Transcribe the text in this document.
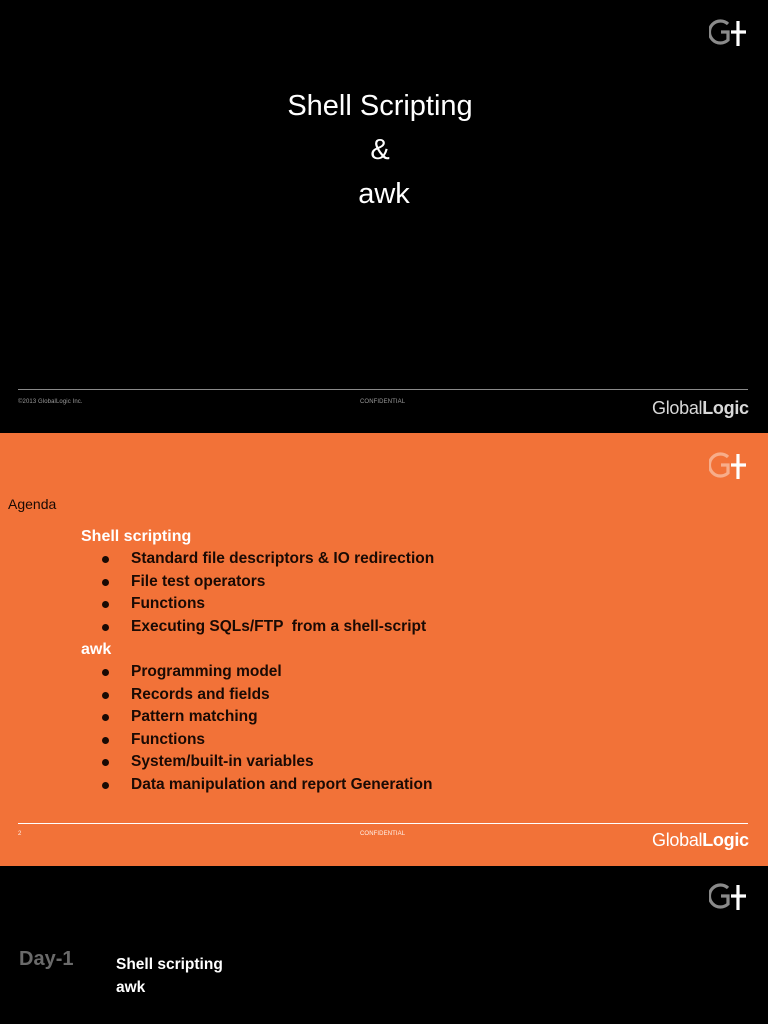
Shell Scripting
&
awk
©2013 GlobalLogic Inc.	CONFIDENTIAL	GlobalLogic
Agenda

Shell scripting

Standard file descriptors & IO redirection
File test operators
Functions
Executing SQLs/FTP  from a shell-script

awk

Programming model
Records and fields
Pattern matching
Functions
System/built-in variables
Data manipulation and report Generation
2	CONFIDENTIAL	GlobalLogic
Day-1	Shell scripting
awk
